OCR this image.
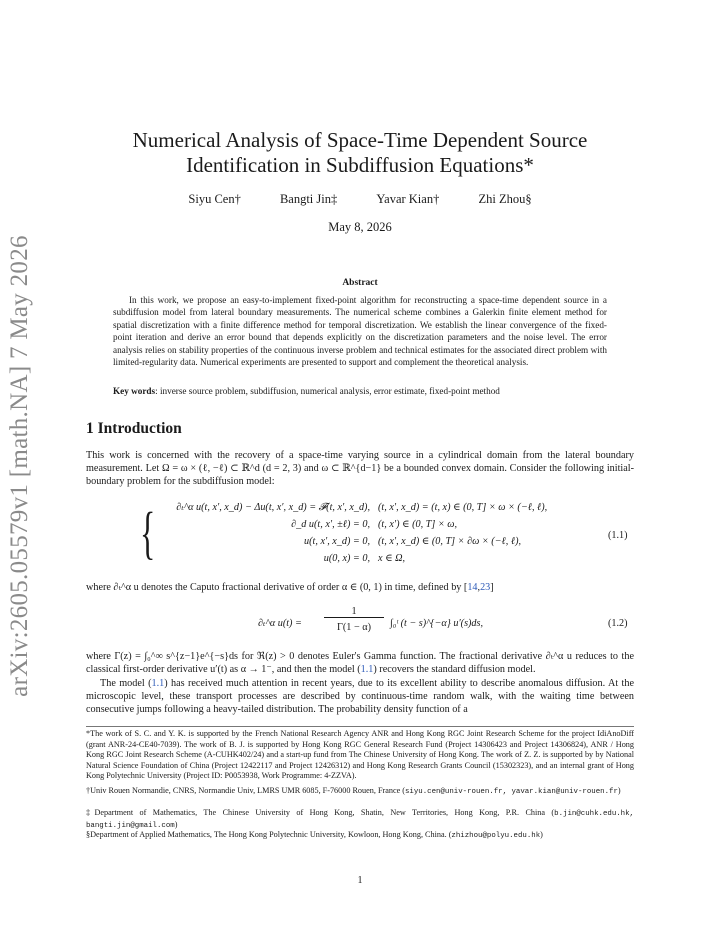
arXiv:2605.05579v1 [math.NA] 7 May 2026
Numerical Analysis of Space-Time Dependent Source
Identification in Subdiffusion Equations*
Siyu Cen†	Bangti Jin‡	Yavar Kian†	Zhi Zhou§
May 8, 2026
Abstract
In this work, we propose an easy-to-implement fixed-point algorithm for reconstructing a space-time dependent source in a subdiffusion model from lateral boundary measurements. The numerical scheme combines a Galerkin finite element method for spatial discretization with a finite difference method for temporal discretization. We establish the linear convergence of the fixed-point iteration and derive an error bound that depends explicitly on the discretization parameters and the noise level. The error analysis relies on stability properties of the continuous inverse problem and technical estimates for the associated direct problem with limited-regularity data. Numerical experiments are presented to support and complement the theoretical analysis.
Key words: inverse source problem, subdiffusion, numerical analysis, error estimate, fixed-point method
1 Introduction
This work is concerned with the recovery of a space-time varying source in a cylindrical domain from the lateral boundary measurement. Let Ω = ω × (ℓ, −ℓ) ⊂ ℝ^d (d = 2, 3) and ω ⊂ ℝ^{d−1} be a bounded convex domain. Consider the following initial-boundary problem for the subdiffusion model:
{	∂ₜ^α u(t, x′, x_d) − Δu(t, x′, x_d) = 𝓕(t, x′, x_d), (t, x′, x_d) = (t, x) ∈ (0, T] × ω × (−ℓ, ℓ),
∂_d u(t, x′, ±ℓ) = 0, (t, x′) ∈ (0, T] × ω,
u(t, x′, x_d) = 0, (t, x′, x_d) ∈ (0, T] × ∂ω × (−ℓ, ℓ),
u(0, x) = 0, x ∈ Ω,
(1.1)
where ∂ₜ^α u denotes the Caputo fractional derivative of order α ∈ (0, 1) in time, defined by [14,23]
∂ₜ^α u(t) =
1
Γ(1 − α)	∫₀ᵗ (t − s)^{−α} u′(s)ds,	(1.2)
where Γ(z) = ∫₀^∞ s^{z−1}e^{−s}ds for ℜ(z) > 0 denotes Euler's Gamma function. The fractional derivative ∂ₜ^α u reduces to the classical first-order derivative u′(t) as α → 1⁻, and then the model (1.1) recovers the standard diffusion model.
The model (1.1) has received much attention in recent years, due to its excellent ability to describe anomalous diffusion. At the microscopic level, these transport processes are described by continuous-time random walk, with the waiting time between consecutive jumps following a heavy-tailed distribution. The probability density function of a
*The work of S. C. and Y. K. is supported by the French National Research Agency ANR and Hong Kong RGC Joint Research Scheme for the project IdiAnoDiff (grant ANR-24-CE40-7039). The work of B. J. is supported by Hong Kong RGC General Research Fund (Project 14306423 and Project 14306824), ANR / Hong Kong RGC Joint Research Scheme (A-CUHK402/24) and a start-up fund from The Chinese University of Hong Kong. The work of Z. Z. is supported by by National Natural Science Foundation of China (Project 12422117 and Project 12426312) and Hong Kong Research Grants Council (15302323), and an internal grant of Hong Kong Polytechnic University (Project ID: P0053938, Work Programme: 4-ZZVA).
†Univ Rouen Normandie, CNRS, Normandie Univ, LMRS UMR 6085, F-76000 Rouen, France (siyu.cen@univ-rouen.fr, yavar.kian@univ-rouen.fr)
‡Department of Mathematics, The Chinese University of Hong Kong, Shatin, New Territories, Hong Kong, P.R. China (b.jin@cuhk.edu.hk, bangti.jin@gmail.com)
§Department of Applied Mathematics, The Hong Kong Polytechnic University, Kowloon, Hong Kong, China. (zhizhou@polyu.edu.hk)
1
